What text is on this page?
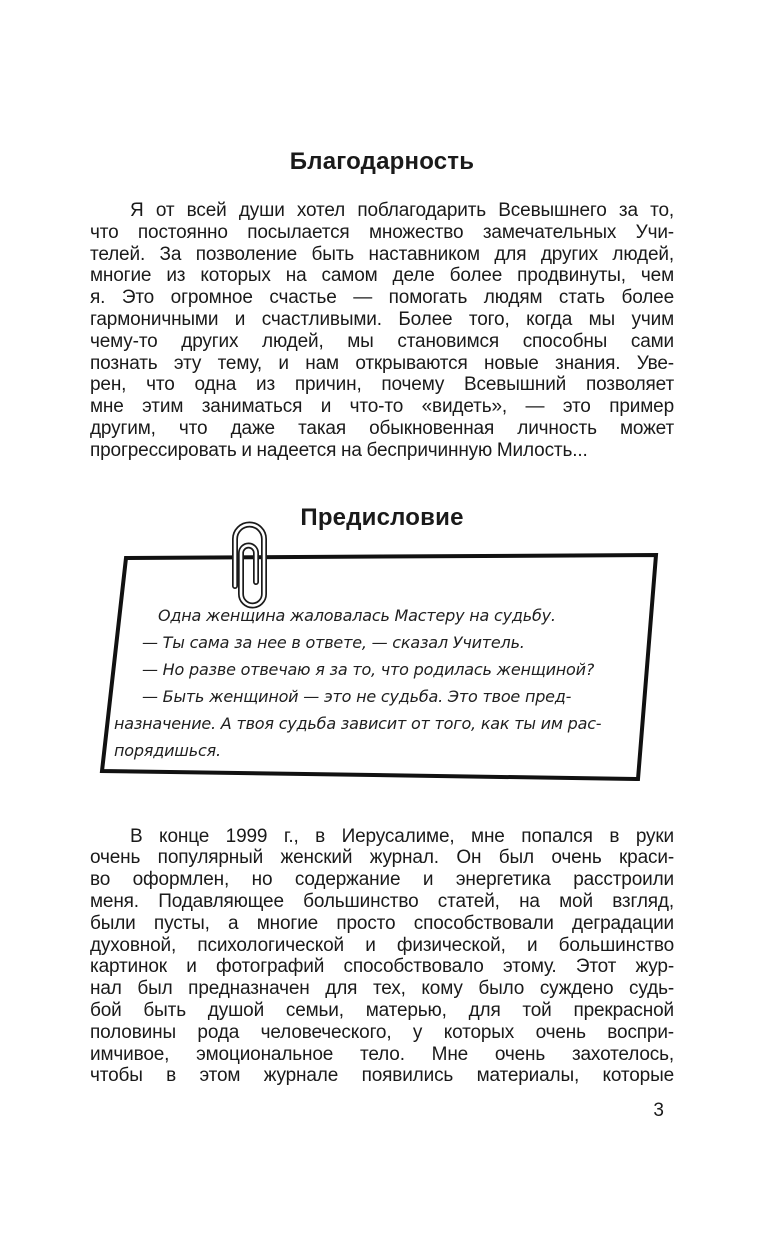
Благодарность
Я от всей души хотел поблагодарить Всевышнего за то,
что постоянно посылается множество замечательных Учи-
телей. За позволение быть наставником для других людей,
многие из которых на самом деле более продвинуты, чем
я. Это огромное счастье — помогать людям стать более
гармоничными и счастливыми. Более того, когда мы учим
чему-то других людей, мы становимся способны сами
познать эту тему, и нам открываются новые знания. Уве-
рен, что одна из причин, почему Всевышний позволяет
мне этим заниматься и что-то «видеть», — это пример
другим, что даже такая обыкновенная личность может
прогрессировать и надеется на беспричинную Милость...
Предисловие
Одна женщина жаловалась Мастеру на судьбу.
— Ты сама за нее в ответе, — сказал Учитель.
— Но разве отвечаю я за то, что родилась женщиной?
— Быть женщиной — это не судьба. Это твое пред-
назначение. А твоя судьба зависит от того, как ты им рас-
порядишься.
В конце 1999 г., в Иерусалиме, мне попался в руки
очень популярный женский журнал. Он был очень краси-
во оформлен, но содержание и энергетика расстроили
меня. Подавляющее большинство статей, на мой взгляд,
были пусты, а многие просто способствовали деградации
духовной, психологической и физической, и большинство
картинок и фотографий способствовало этому. Этот жур-
нал был предназначен для тех, кому было суждено судь-
бой быть душой семьи, матерью, для той прекрасной
половины рода человеческого, у которых очень воспри-
имчивое, эмоциональное тело. Мне очень захотелось,
чтобы в этом журнале появились материалы, которые
3
